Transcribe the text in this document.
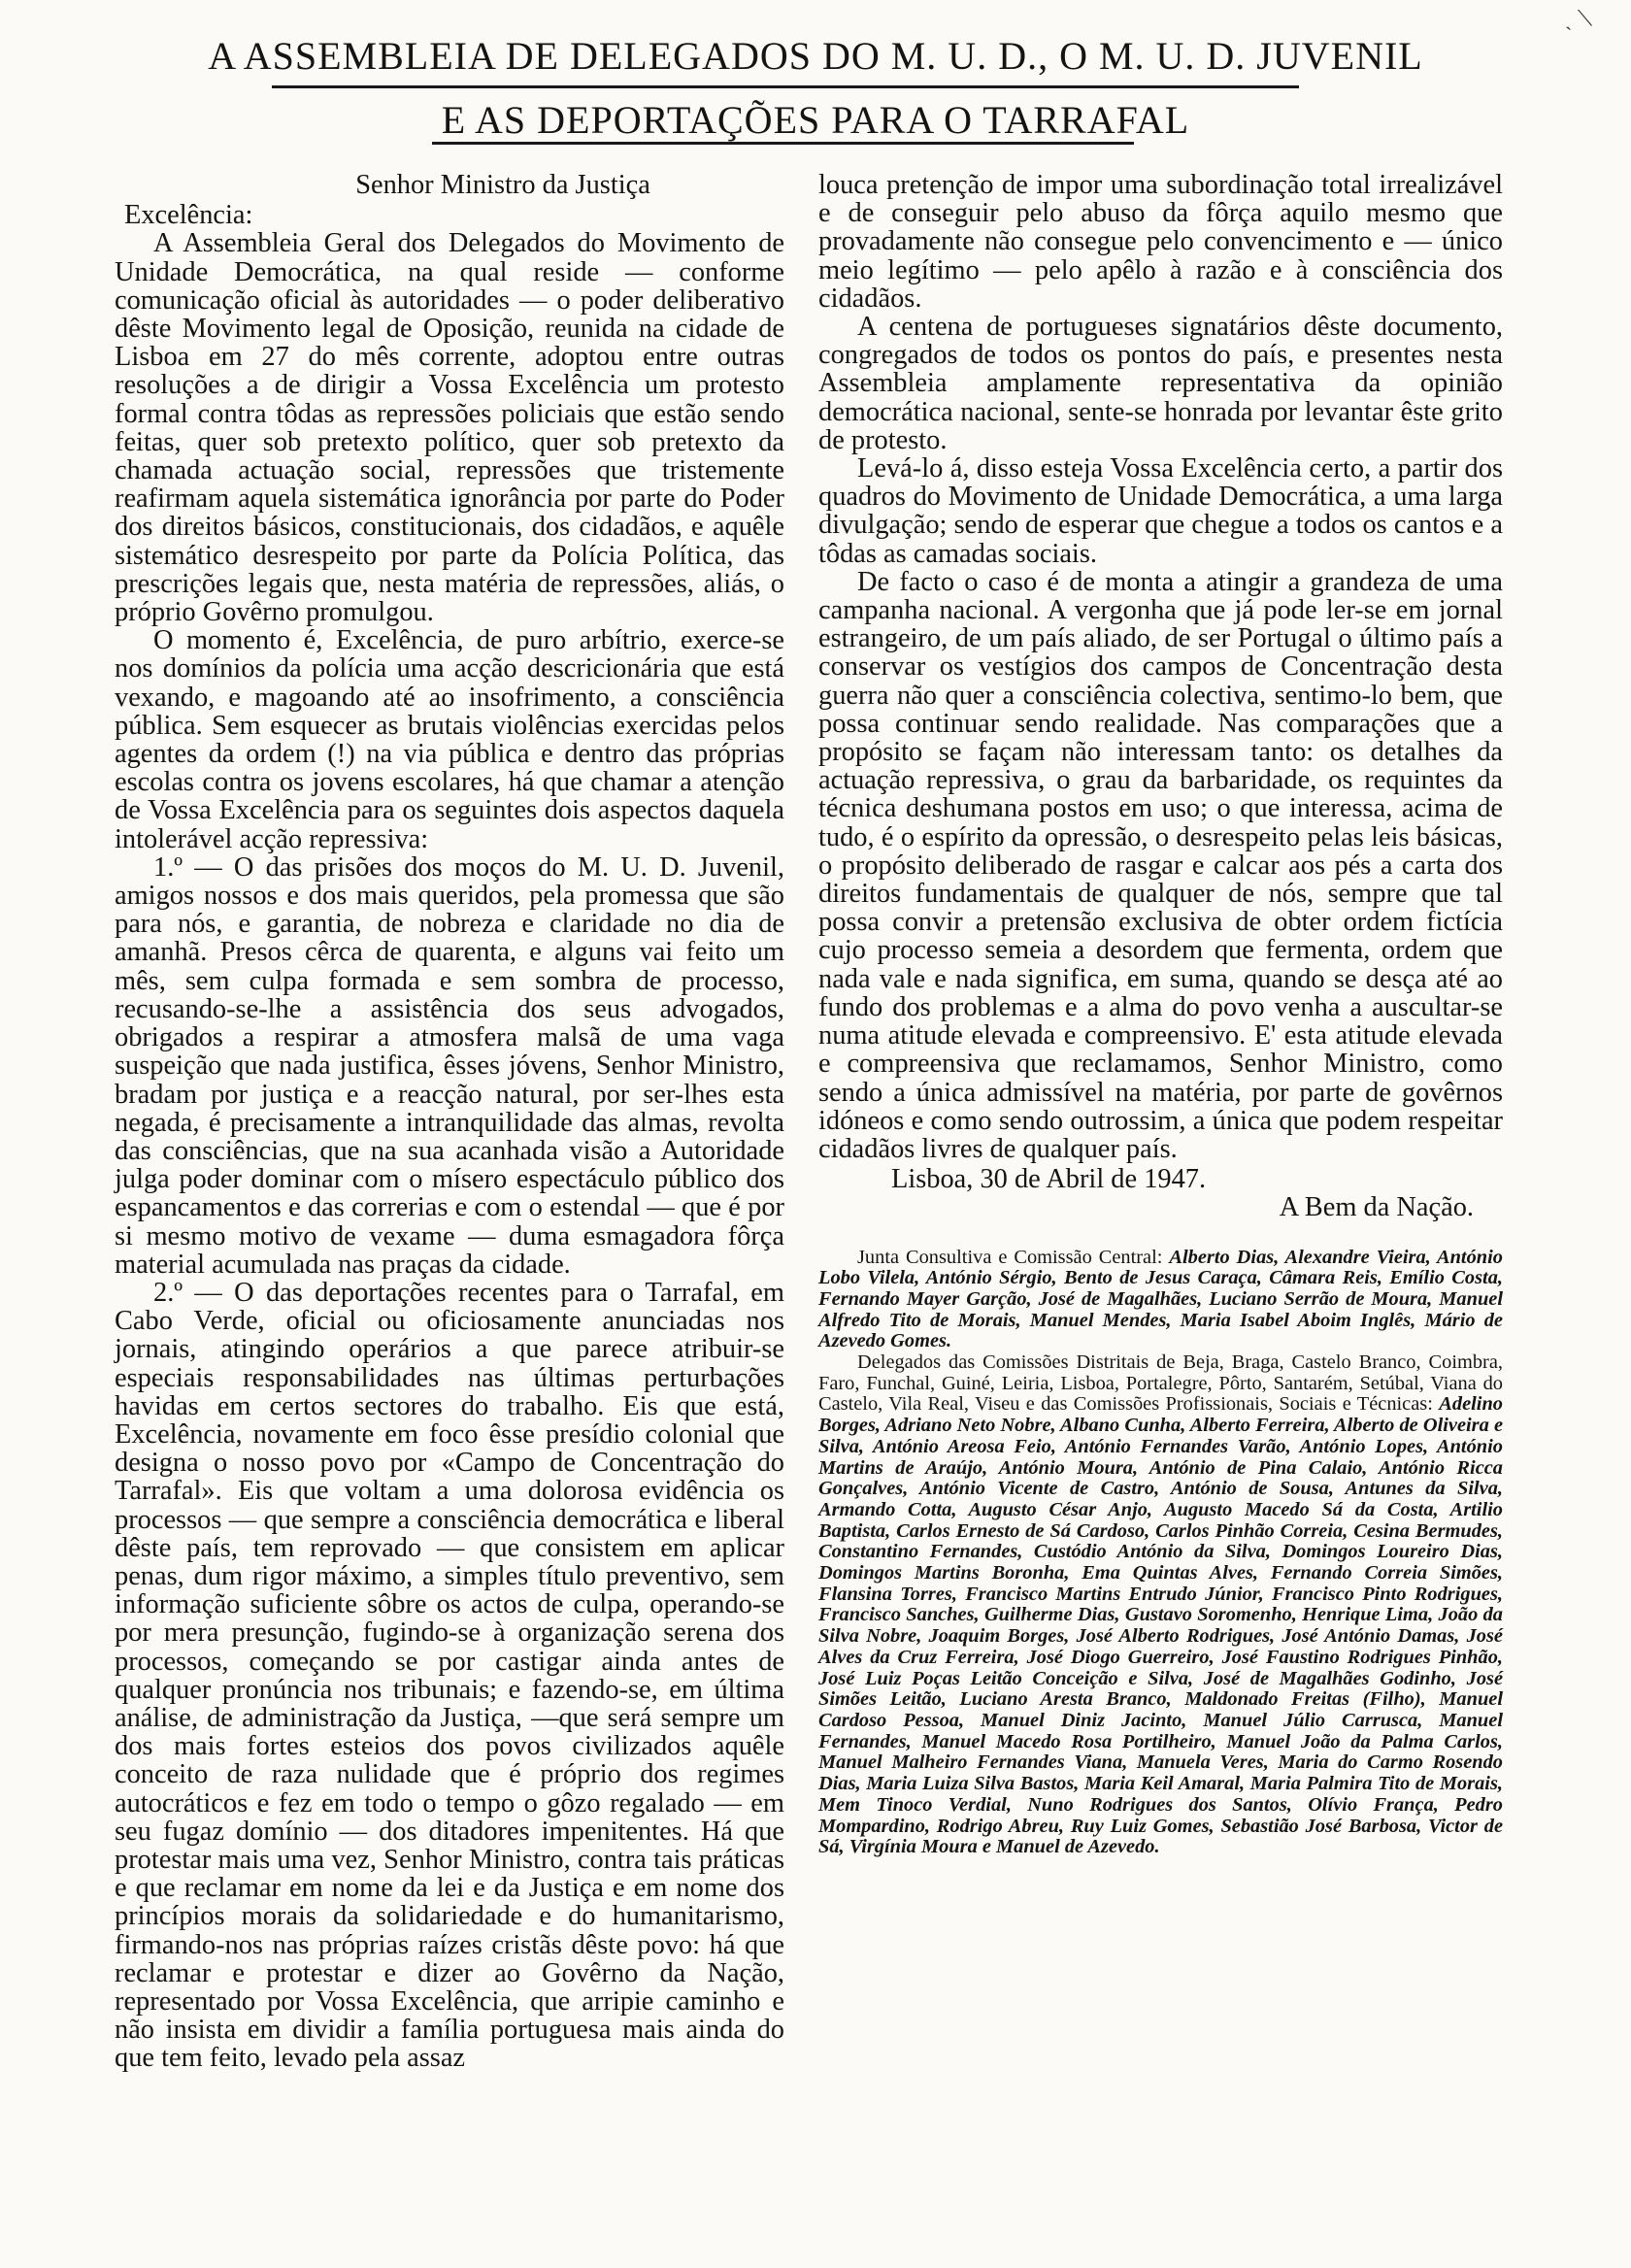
A ASSEMBLEIA DE DELEGADOS DO M. U. D., O M. U. D. JUVENIL
E AS DEPORTAÇÕES PARA O TARRAFAL
ˎ ⟍
Senhor Ministro da Justiça
Excelência:

A Assembleia Geral dos Delegados do Movimento de Unidade Democrática, na qual reside — conforme comunicação oficial às autoridades — o poder deliberativo dêste Movimento legal de Oposição, reunida na cidade de Lisboa em 27 do mês corrente, adoptou entre outras resoluções a de dirigir a Vossa Excelência um protesto formal contra tôdas as repressões policiais que estão sendo feitas, quer sob pretexto político, quer sob pretexto da chamada actuação social, repressões que tristemente reafirmam aquela sistemática ignorância por parte do Poder dos direitos básicos, constitucionais, dos cidadãos, e aquêle sistemático desrespeito por parte da Polícia Política, das prescrições legais que, nesta matéria de repressões, aliás, o próprio Govêrno promulgou.

O momento é, Excelência, de puro arbítrio, exerce-se nos domínios da polícia uma acção descricionária que está vexando, e magoando até ao insofrimento, a consciência pública. Sem esquecer as brutais violências exercidas pelos agentes da ordem (!) na via pública e dentro das próprias escolas contra os jovens escolares, há que chamar a atenção de Vossa Excelência para os seguintes dois aspectos daquela intolerável acção repressiva:

1.º — O das prisões dos moços do M. U. D. Juvenil, amigos nossos e dos mais queridos, pela promessa que são para nós, e garantia, de nobreza e claridade no dia de amanhã. Presos cêrca de quarenta, e alguns vai feito um mês, sem culpa formada e sem sombra de processo, recusando-se-lhe a assistência dos seus advogados, obrigados a respirar a atmosfera malsã de uma vaga suspeição que nada justifica, êsses jóvens, Senhor Ministro, bradam por justiça e a reacção natural, por ser-lhes esta negada, é precisamente a intranquilidade das almas, revolta das consciências, que na sua acanhada visão a Autoridade julga poder dominar com o mísero espectáculo público dos espancamentos e das correrias e com o estendal — que é por si mesmo motivo de vexame — duma esmagadora fôrça material acumulada nas praças da cidade.

2.º — O das deportações recentes para o Tarrafal, em Cabo Verde, oficial ou oficiosamente anunciadas nos jornais, atingindo operários a que parece atribuir-se especiais responsabilidades nas últimas perturbações havidas em certos sectores do trabalho. Eis que está, Excelência, novamente em foco êsse presídio colonial que designa o nosso povo por «Campo de Concentração do Tarrafal». Eis que voltam a uma dolorosa evidência os processos — que sempre a consciência democrática e liberal dêste país, tem reprovado — que consistem em aplicar penas, dum rigor máximo, a simples título preventivo, sem informação suficiente sôbre os actos de culpa, operando-se por mera presunção, fugindo-se à organização serena dos processos, começando se por castigar ainda antes de qualquer pronúncia nos tribunais; e fazendo-se, em última análise, de administração da Justiça, —que será sempre um dos mais fortes esteios dos povos civilizados aquêle conceito de raza nulidade que é próprio dos regimes autocráticos e fez em todo o tempo o gôzo regalado — em seu fugaz domínio — dos ditadores impenitentes. Há que protestar mais uma vez, Senhor Ministro, contra tais práticas e que reclamar em nome da lei e da Justiça e em nome dos princípios morais da solidariedade e do humanitarismo, firmando-nos nas próprias raízes cristãs dêste povo: há que reclamar e protestar e dizer ao Govêrno da Nação, representado por Vossa Excelência, que arripie caminho e não insista em dividir a família portuguesa mais ainda do que tem feito, levado pela assaz

louca pretenção de impor uma subordinação total irrealizável e de conseguir pelo abuso da fôrça aquilo mesmo que provadamente não consegue pelo convencimento e — único meio legítimo — pelo apêlo à razão e à consciência dos cidadãos.

A centena de portugueses signatários dêste documento, congregados de todos os pontos do país, e presentes nesta Assembleia amplamente representativa da opinião democrática nacional, sente-se honrada por levantar êste grito de protesto.

Levá-lo á, disso esteja Vossa Excelência certo, a partir dos quadros do Movimento de Unidade Democrática, a uma larga divulgação; sendo de esperar que chegue a todos os cantos e a tôdas as camadas sociais.

De facto o caso é de monta a atingir a grandeza de uma campanha nacional. A vergonha que já pode ler-se em jornal estrangeiro, de um país aliado, de ser Portugal o último país a conservar os vestígios dos campos de Concentração desta guerra não quer a consciência colectiva, sentimo-lo bem, que possa continuar sendo realidade. Nas comparações que a propósito se façam não interessam tanto: os detalhes da actuação repressiva, o grau da barbaridade, os requintes da técnica deshumana postos em uso; o que interessa, acima de tudo, é o espírito da opressão, o desrespeito pelas leis básicas, o propósito deliberado de rasgar e calcar aos pés a carta dos direitos fundamentais de qualquer de nós, sempre que tal possa convir a pretensão exclusiva de obter ordem fictícia cujo processo semeia a desordem que fermenta, ordem que nada vale e nada significa, em suma, quando se desça até ao fundo dos problemas e a alma do povo venha a auscultar-se numa atitude elevada e compreensivo. E' esta atitude elevada e compreensiva que reclamamos, Senhor Ministro, como sendo a única admissível na matéria, por parte de govêrnos idóneos e como sendo outrossim, a única que podem respeitar cidadãos livres de qualquer país.

Lisboa, 30 de Abril de 1947.
A Bem da Nação.

Junta Consultiva e Comissão Central: Alberto Dias, Alexandre Vieira, António Lobo Vilela, António Sérgio, Bento de Jesus Caraça, Câmara Reis, Emílio Costa, Fernando Mayer Garção, José de Magalhães, Luciano Serrão de Moura, Manuel Alfredo Tito de Morais, Manuel Mendes, Maria Isabel Aboim Inglês, Mário de Azevedo Gomes.

Delegados das Comissões Distritais de Beja, Braga, Castelo Branco, Coimbra, Faro, Funchal, Guiné, Leiria, Lisboa, Portalegre, Pôrto, Santarém, Setúbal, Viana do Castelo, Vila Real, Viseu e das Comissões Profissionais, Sociais e Técnicas: Adelino Borges, Adriano Neto Nobre, Albano Cunha, Alberto Ferreira, Alberto de Oliveira e Silva, António Areosa Feio, António Fernandes Varão, António Lopes, António Martins de Araújo, António Moura, António de Pina Calaio, António Ricca Gonçalves, António Vicente de Castro, António de Sousa, Antunes da Silva, Armando Cotta, Augusto César Anjo, Augusto Macedo Sá da Costa, Artilio Baptista, Carlos Ernesto de Sá Cardoso, Carlos Pinhão Correia, Cesina Bermudes, Constantino Fernandes, Custódio António da Silva, Domingos Loureiro Dias, Domingos Martins Boronha, Ema Quintas Alves, Fernando Correia Simões, Flansina Torres, Francisco Martins Entrudo Júnior, Francisco Pinto Rodrigues, Francisco Sanches, Guilherme Dias, Gustavo Soromenho, Henrique Lima, João da Silva Nobre, Joaquim Borges, José Alberto Rodrigues, José António Damas, José Alves da Cruz Ferreira, José Diogo Guerreiro, José Faustino Rodrigues Pinhão, José Luiz Poças Leitão Conceição e Silva, José de Magalhães Godinho, José Simões Leitão, Luciano Aresta Branco, Maldonado Freitas (Filho), Manuel Cardoso Pessoa, Manuel Diniz Jacinto, Manuel Júlio Carrusca, Manuel Fernandes, Manuel Macedo Rosa Portilheiro, Manuel João da Palma Carlos, Manuel Malheiro Fernandes Viana, Manuela Veres, Maria do Carmo Rosendo Dias, Maria Luiza Silva Bastos, Maria Keil Amaral, Maria Palmira Tito de Morais, Mem Tinoco Verdial, Nuno Rodrigues dos Santos, Olívio França, Pedro Mompardino, Rodrigo Abreu, Ruy Luiz Gomes, Sebastião José Barbosa, Victor de Sá, Virgínia Moura e Manuel de Azevedo.
